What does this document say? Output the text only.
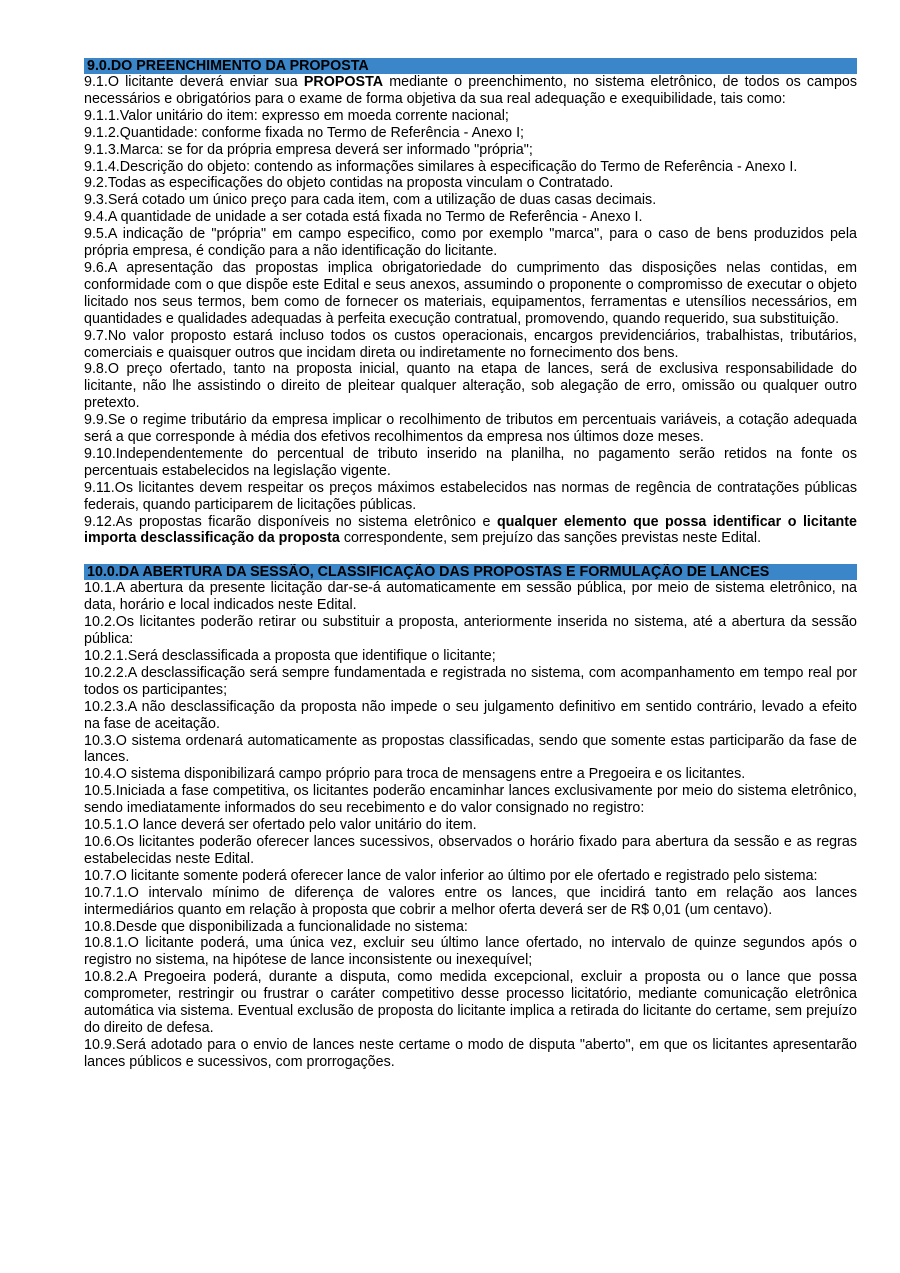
9.0.DO PREENCHIMENTO DA PROPOSTA

9.1.O licitante deverá enviar sua PROPOSTA mediante o preenchimento, no sistema eletrônico, de todos os campos necessários e obrigatórios para o exame de forma objetiva da sua real adequação e exequibilidade, tais como:

9.1.1.Valor unitário do item: expresso em moeda corrente nacional;

9.1.2.Quantidade: conforme fixada no Termo de Referência - Anexo I;

9.1.3.Marca: se for da própria empresa deverá ser informado "própria";

9.1.4.Descrição do objeto: contendo as informações similares à especificação do Termo de Referência - Anexo I.

9.2.Todas as especificações do objeto contidas na proposta vinculam o Contratado.

9.3.Será cotado um único preço para cada item, com a utilização de duas casas decimais.

9.4.A quantidade de unidade a ser cotada está fixada no Termo de Referência - Anexo I.

9.5.A indicação de "própria" em campo especifico, como por exemplo "marca", para o caso de bens produzidos pela própria empresa, é condição para a não identificação do licitante.

9.6.A apresentação das propostas implica obrigatoriedade do cumprimento das disposições nelas contidas, em conformidade com o que dispõe este Edital e seus anexos, assumindo o proponente o compromisso de executar o objeto licitado nos seus termos, bem como de fornecer os materiais, equipamentos, ferramentas e utensílios necessários, em quantidades e qualidades adequadas à perfeita execução contratual, promovendo, quando requerido, sua substituição.

9.7.No valor proposto estará incluso todos os custos operacionais, encargos previdenciários, trabalhistas, tributários, comerciais e quaisquer outros que incidam direta ou indiretamente no fornecimento dos bens.

9.8.O preço ofertado, tanto na proposta inicial, quanto na etapa de lances, será de exclusiva responsabilidade do licitante, não lhe assistindo o direito de pleitear qualquer alteração, sob alegação de erro, omissão ou qualquer outro pretexto.

9.9.Se o regime tributário da empresa implicar o recolhimento de tributos em percentuais variáveis, a cotação adequada será a que corresponde à média dos efetivos recolhimentos da empresa nos últimos doze meses.

9.10.Independentemente do percentual de tributo inserido na planilha, no pagamento serão retidos na fonte os percentuais estabelecidos na legislação vigente.

9.11.Os licitantes devem respeitar os preços máximos estabelecidos nas normas de regência de contratações públicas federais, quando participarem de licitações públicas.

9.12.As propostas ficarão disponíveis no sistema eletrônico e qualquer elemento que possa identificar o licitante importa desclassificação da proposta correspondente, sem prejuízo das sanções previstas neste Edital.

10.0.DA ABERTURA DA SESSÃO, CLASSIFICAÇÃO DAS PROPOSTAS E FORMULAÇÃO DE LANCES

10.1.A abertura da presente licitação dar-se-á automaticamente em sessão pública, por meio de sistema eletrônico, na data, horário e local indicados neste Edital.

10.2.Os licitantes poderão retirar ou substituir a proposta, anteriormente inserida no sistema, até a abertura da sessão pública:

10.2.1.Será desclassificada a proposta que identifique o licitante;

10.2.2.A desclassificação será sempre fundamentada e registrada no sistema, com acompanhamento em tempo real por todos os participantes;

10.2.3.A não desclassificação da proposta não impede o seu julgamento definitivo em sentido contrário, levado a efeito na fase de aceitação.

10.3.O sistema ordenará automaticamente as propostas classificadas, sendo que somente estas participarão da fase de lances.

10.4.O sistema disponibilizará campo próprio para troca de mensagens entre a Pregoeira e os licitantes.

10.5.Iniciada a fase competitiva, os licitantes poderão encaminhar lances exclusivamente por meio do sistema eletrônico, sendo imediatamente informados do seu recebimento e do valor consignado no registro:

10.5.1.O lance deverá ser ofertado pelo valor unitário do item.

10.6.Os licitantes poderão oferecer lances sucessivos, observados o horário fixado para abertura da sessão e as regras estabelecidas neste Edital.

10.7.O licitante somente poderá oferecer lance de valor inferior ao último por ele ofertado e registrado pelo sistema:

10.7.1.O intervalo mínimo de diferença de valores entre os lances, que incidirá tanto em relação aos lances intermediários quanto em relação à proposta que cobrir a melhor oferta deverá ser de R$ 0,01 (um centavo).

10.8.Desde que disponibilizada a funcionalidade no sistema:

10.8.1.O licitante poderá, uma única vez, excluir seu último lance ofertado, no intervalo de quinze segundos após o registro no sistema, na hipótese de lance inconsistente ou inexequível;

10.8.2.A Pregoeira poderá, durante a disputa, como medida excepcional, excluir a proposta ou o lance que possa comprometer, restringir ou frustrar o caráter competitivo desse processo licitatório, mediante comunicação eletrônica automática via sistema. Eventual exclusão de proposta do licitante implica a retirada do licitante do certame, sem prejuízo do direito de defesa.

10.9.Será adotado para o envio de lances neste certame o modo de disputa "aberto", em que os licitantes apresentarão lances públicos e sucessivos, com prorrogações.
